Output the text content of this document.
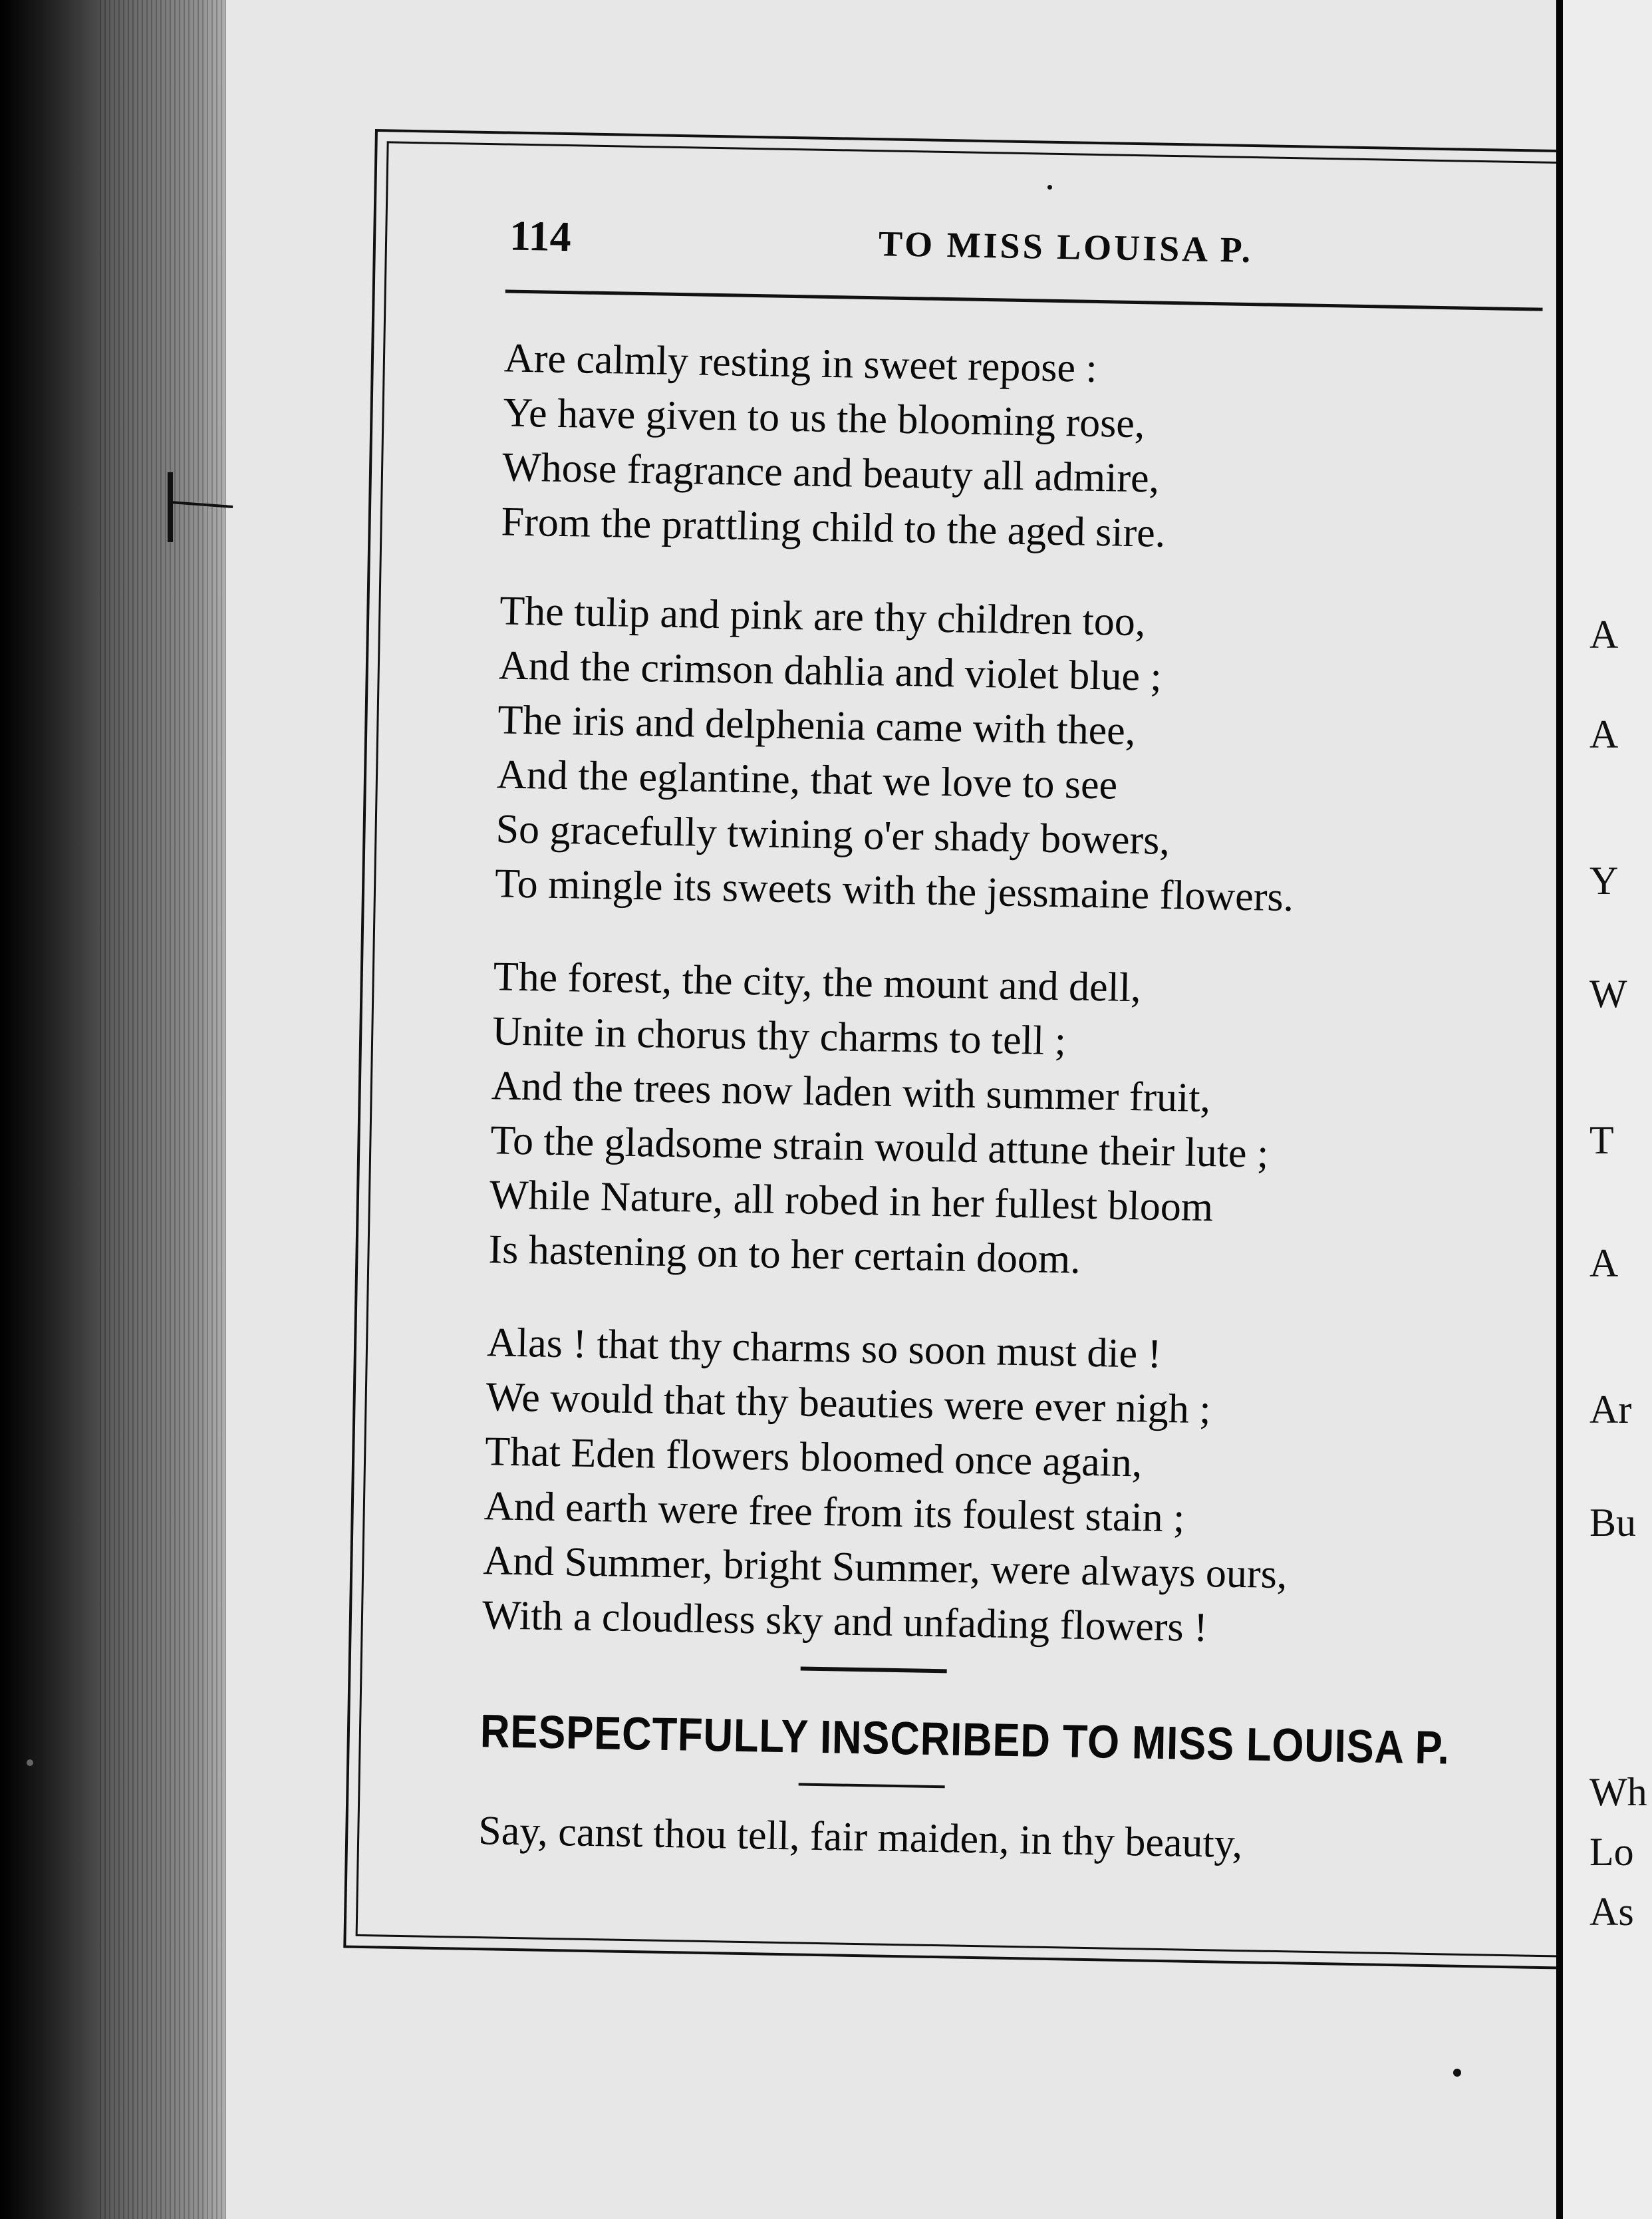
114	TO MISS LOUISA P.
Are calmly resting in sweet repose :
Ye have given to us the blooming rose,
Whose fragrance and beauty all admire,
From the prattling child to the aged sire.
The tulip and pink are thy children too,
And the crimson dahlia and violet blue ;
The iris and delphenia came with thee,
And the eglantine, that we love to see
So gracefully twining o'er shady bowers,
To mingle its sweets with the jessmaine flowers.
The forest, the city, the mount and dell,
Unite in chorus thy charms to tell ;
And the trees now laden with summer fruit,
To the gladsome strain would attune their lute ;
While Nature, all robed in her fullest bloom
Is hastening on to her certain doom.
Alas ! that thy charms so soon must die !
We would that thy beauties were ever nigh ;
That Eden flowers bloomed once again,
And earth were free from its foulest stain ;
And Summer, bright Summer, were always ours,
With a cloudless sky and unfading flowers !
RESPECTFULLY INSCRIBED TO MISS LOUISA P.
Say, canst thou tell, fair maiden, in thy beauty,
A
A
Y
W
T
A
Ar
Bu
Wh
Lo
As
